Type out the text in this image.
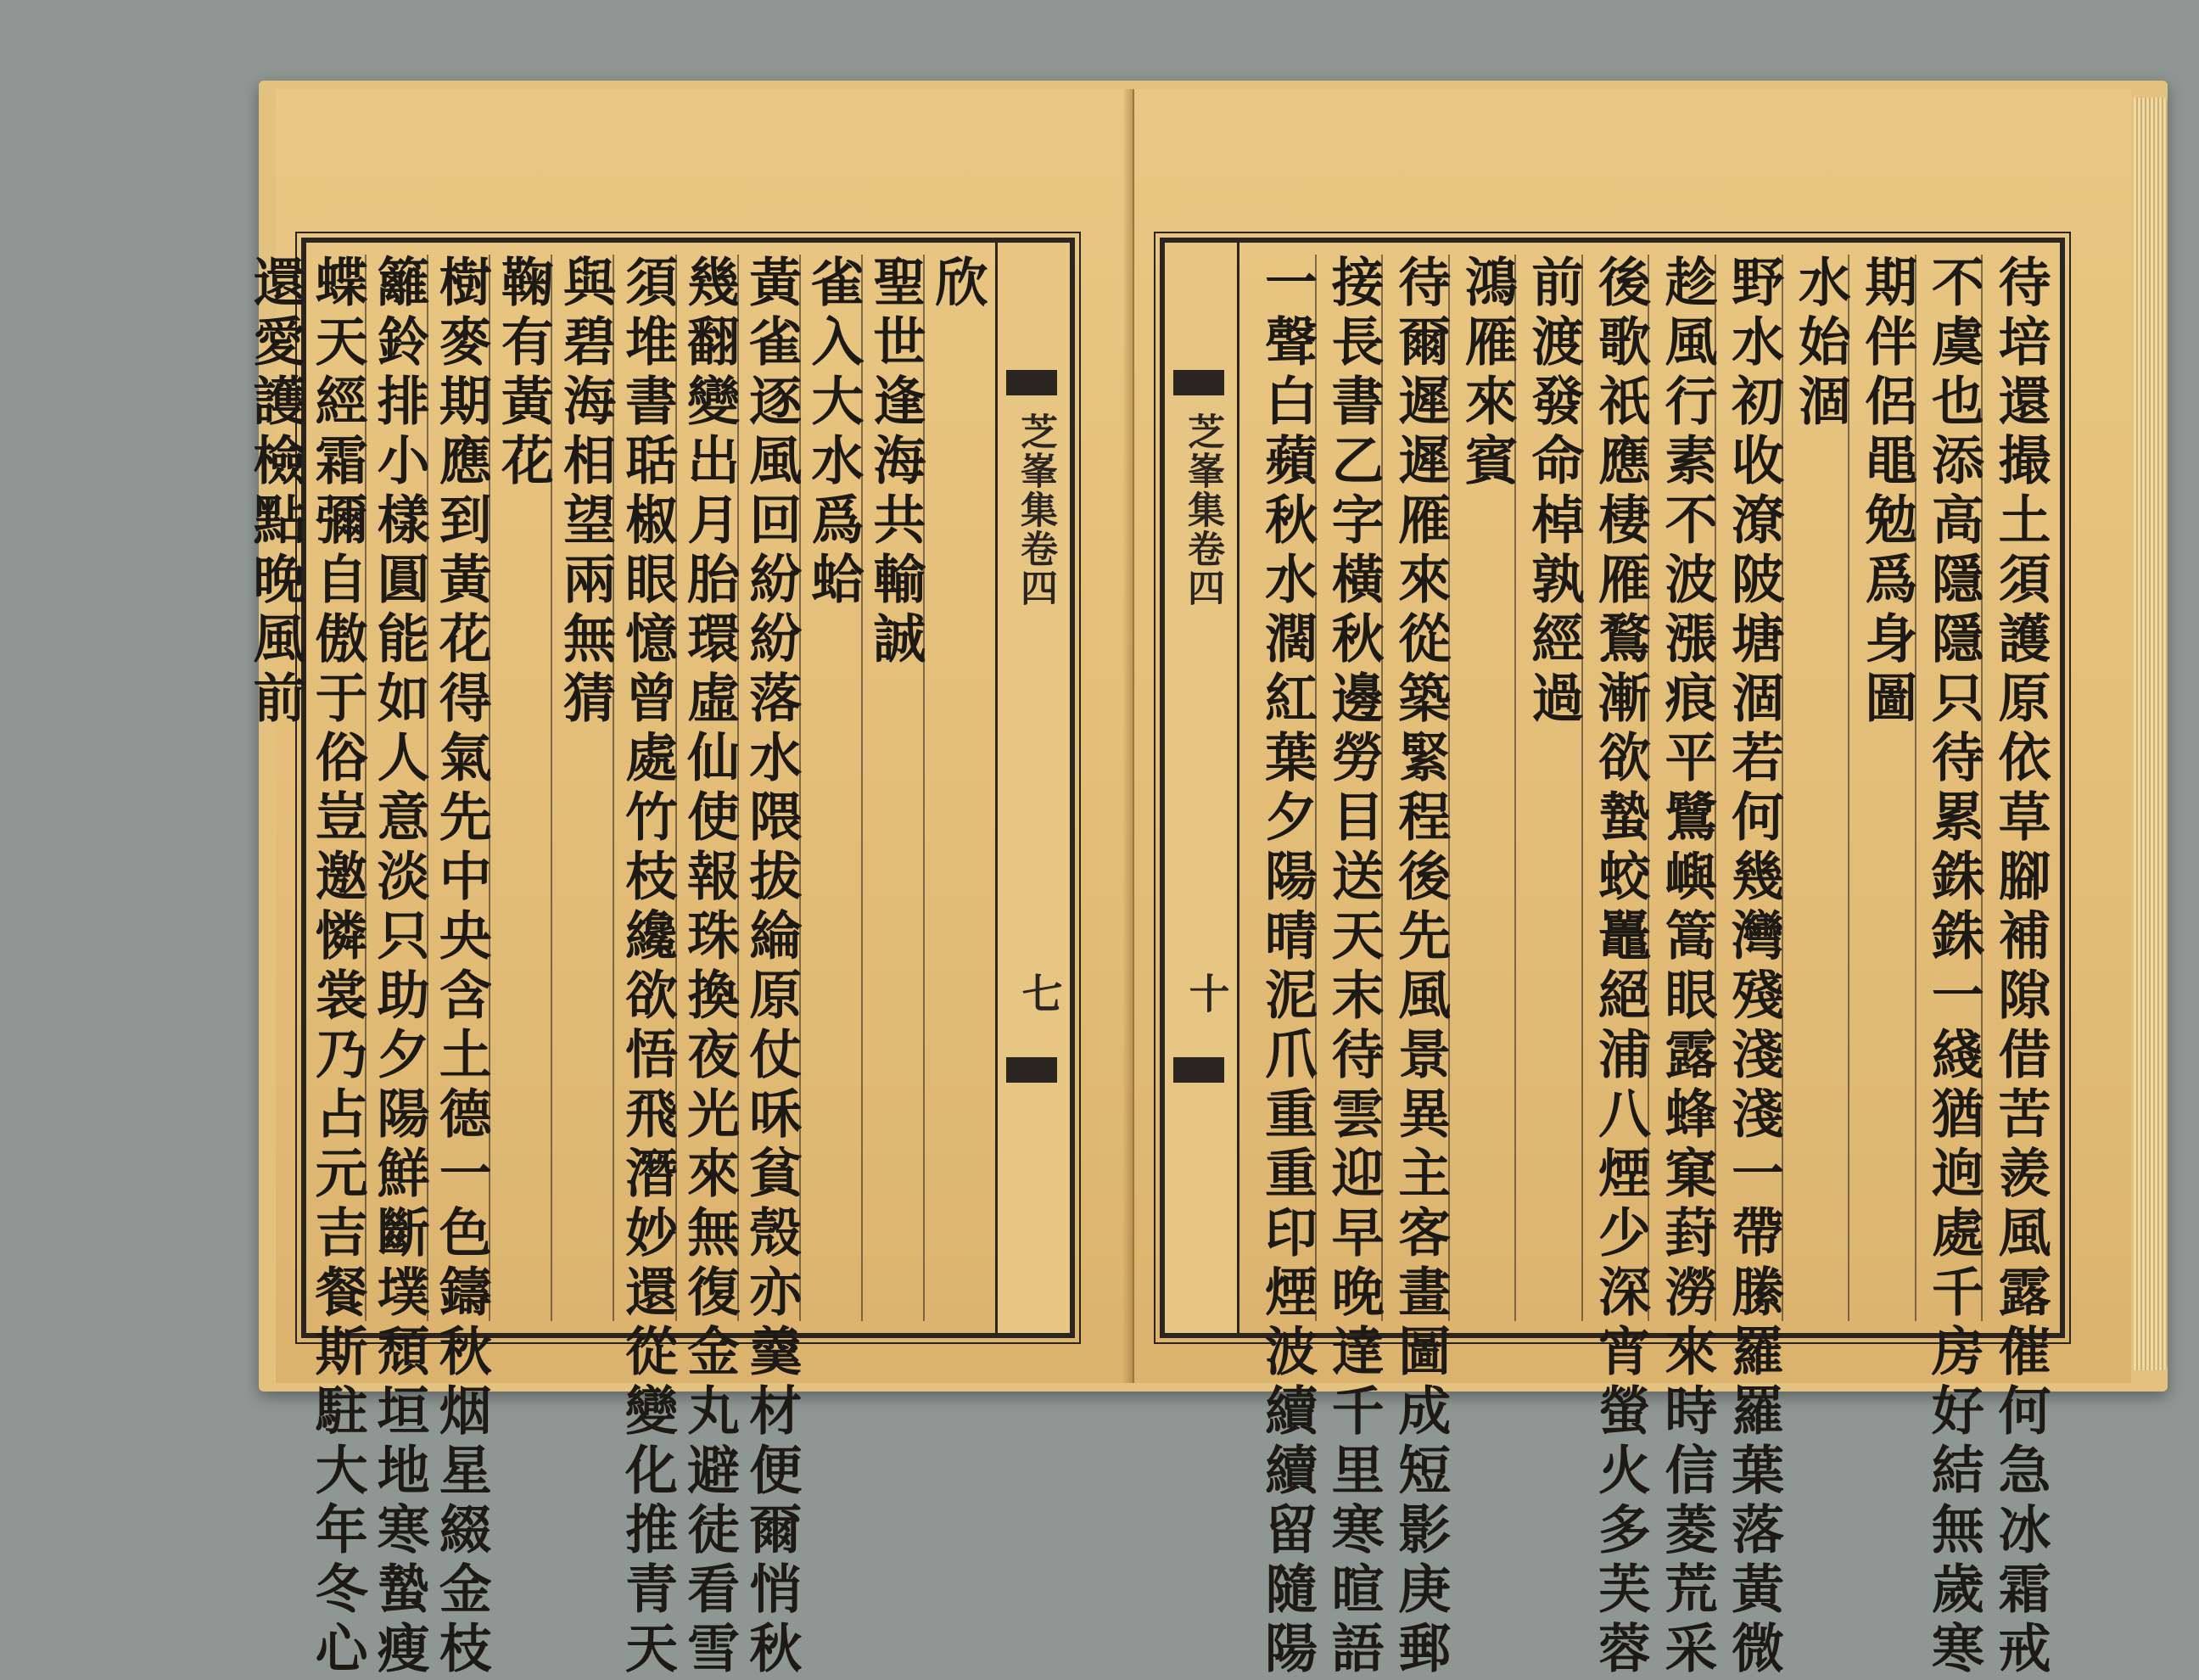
芝峯集卷四
七
欣
聖世逢海共輸誠
雀入大水爲蛤
黃雀逐風回紛紛落水隈拔綸原仗咊貧殼亦羹材便爾悄秋
幾翻變出月胎環虛仙使報珠換夜光來無復金丸避徒看雪
須堆書聒椒眼憶曾處竹枝纔欲悟飛潛妙還從變化推青天
與碧海相望兩無猜
鞠有黃花
樹麥期應到黃花得氣先中央含土德一色鑄秋烟星綴金枝
籬鈴排小樣圓能如人意淡只助夕陽鮮斷墣頹垣地寒蟄瘦
蝶天經霜彌自傲于俗豈邀憐裳乃占元吉餐斯駐大年冬心
還愛護檢點晚風前	芝峯集卷四
十	待培還撮土須護原依草腳補隙借苦羨風露催何急冰霜戒
不虞也添高隱隱只待累銖銖一綫猶逈處千房好結無歲寒
期伴侶黽勉爲身圖
水始涸
野水初收潦陂塘涸若何幾灣殘淺淺一帶縢羅羅葉落黃微
趁風行素不波漲痕平鷺嶼篙眼露蜂窠葑澇來時信菱荒采
後歌祇應棲雁鶩漸欲蟄蛟鼉絕浦八煙少深宵螢火多芙蓉
前渡發命棹孰經過
鴻雁來賓
待爾遲遲雁來從築緊程後先風景異主客畫圖成短影庚郵
接長書乙字橫秋邊勞目送天末待雲迎早晚達千里寒暄語
一聲白蘋秋水濶紅葉夕陽晴泥爪重重印煙波續續留隨陽
